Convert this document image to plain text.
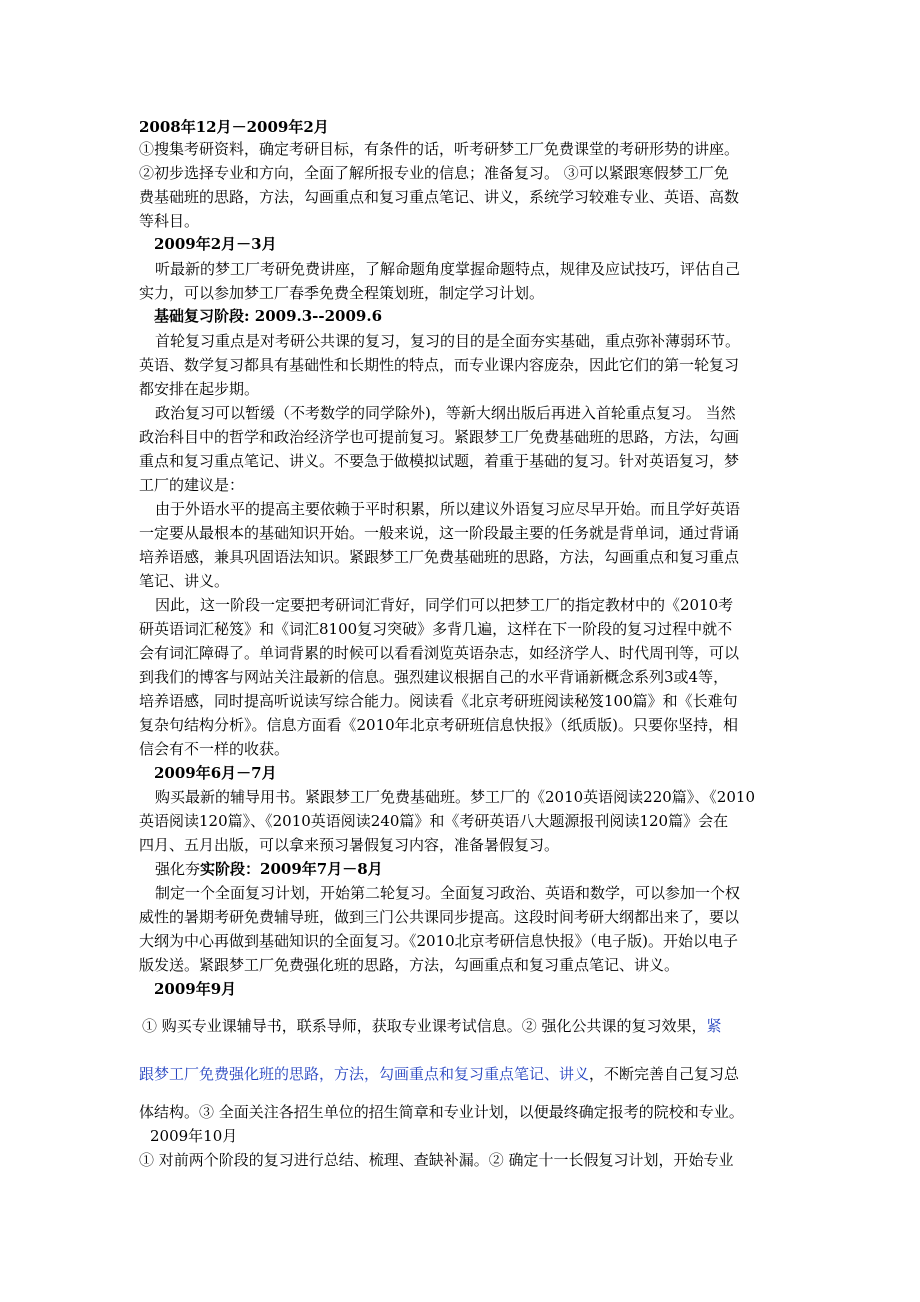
2008年12月－2009年2月
①搜集考研资料，确定考研目标，有条件的话，听考研梦工厂免费课堂的考研形势的讲座。
②初步选择专业和方向，全面了解所报专业的信息；准备复习。 ③可以紧跟寒假梦工厂免
费基础班的思路，方法，勾画重点和复习重点笔记、讲义，系统学习较难专业、英语、高数
等科目。
2009年2月－3月
听最新的梦工厂考研免费讲座，了解命题角度掌握命题特点，规律及应试技巧，评估自己
实力，可以参加梦工厂春季免费全程策划班，制定学习计划。
基础复习阶段: 2009.3--2009.6
首轮复习重点是对考研公共课的复习，复习的目的是全面夯实基础，重点弥补薄弱环节。
英语、数学复习都具有基础性和长期性的特点，而专业课内容庞杂，因此它们的第一轮复习
都安排在起步期。
政治复习可以暂缓（不考数学的同学除外)，等新大纲出版后再进入首轮重点复习。 当然
政治科目中的哲学和政治经济学也可提前复习。紧跟梦工厂免费基础班的思路，方法，勾画
重点和复习重点笔记、讲义。不要急于做模拟试题，着重于基础的复习。针对英语复习，梦
工厂的建议是：
由于外语水平的提高主要依赖于平时积累，所以建议外语复习应尽早开始。而且学好英语
一定要从最根本的基础知识开始。一般来说，这一阶段最主要的任务就是背单词，通过背诵
培养语感，兼具巩固语法知识。紧跟梦工厂免费基础班的思路，方法，勾画重点和复习重点
笔记、讲义。
因此，这一阶段一定要把考研词汇背好，同学们可以把梦工厂的指定教材中的《2010考
研英语词汇秘笈》和《词汇8100复习突破》多背几遍，这样在下一阶段的复习过程中就不
会有词汇障碍了。单词背累的时候可以看看浏览英语杂志，如经济学人、时代周刊等，可以
到我们的博客与网站关注最新的信息。强烈建议根据自己的水平背诵新概念系列3或4等，
培养语感，同时提高听说读写综合能力。阅读看《北京考研班阅读秘笈100篇》和《长难句
复杂句结构分析》。信息方面看《2010年北京考研班信息快报》（纸质版)。只要你坚持，相
信会有不一样的收获。
2009年6月－7月
购买最新的辅导用书。紧跟梦工厂免费基础班。梦工厂的《2010英语阅读220篇》、《2010
英语阅读120篇》、《2010英语阅读240篇》和《考研英语八大题源报刊阅读120篇》会在
四月、五月出版，可以拿来预习暑假复习内容，准备暑假复习。
强化夯实阶段：2009年7月－8月
制定一个全面复习计划，开始第二轮复习。全面复习政治、英语和数学，可以参加一个权
威性的暑期考研免费辅导班，做到三门公共课同步提高。这段时间考研大纲都出来了，要以
大纲为中心再做到基础知识的全面复习。《2010北京考研信息快报》（电子版)。开始以电子
版发送。紧跟梦工厂免费强化班的思路，方法，勾画重点和复习重点笔记、讲义。
2009年9月
① 购买专业课辅导书，联系导师，获取专业课考试信息。② 强化公共课的复习效果，紧
跟梦工厂免费强化班的思路，方法，勾画重点和复习重点笔记、讲义，不断完善自己复习总
体结构。③ 全面关注各招生单位的招生简章和专业计划，以便最终确定报考的院校和专业。
2009年10月
① 对前两个阶段的复习进行总结、梳理、查缺补漏。② 确定十一长假复习计划，开始专业
